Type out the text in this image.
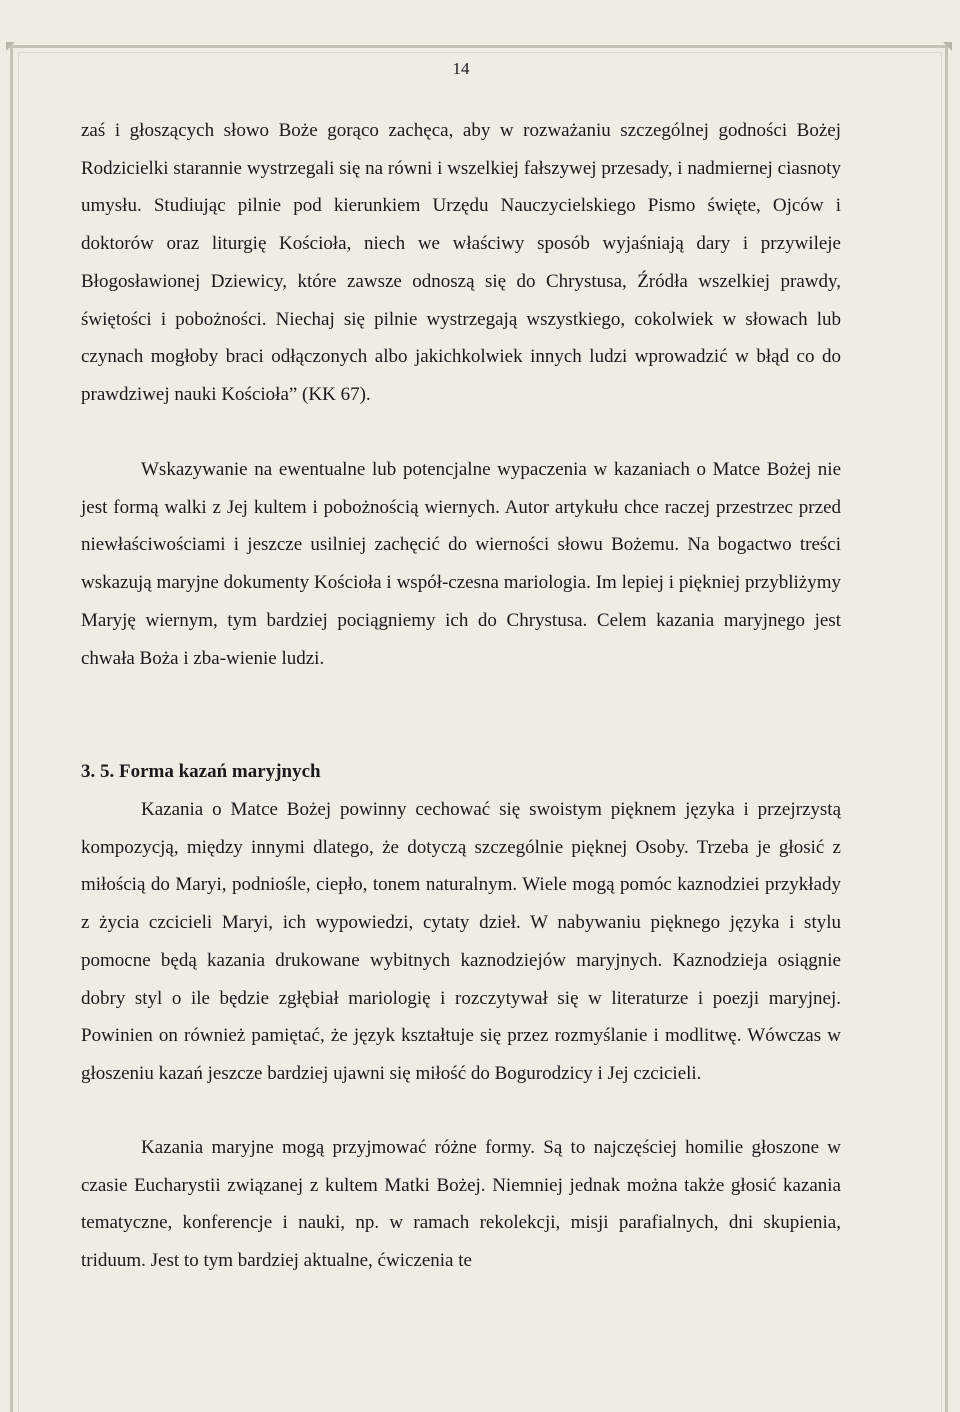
14

zaś i głoszących słowo Boże gorąco zachęca, aby w rozważaniu szczególnej godności Bożej Rodzicielki starannie wystrzegali się na równi i wszelkiej fałszywej przesady, i nadmiernej ciasnoty umysłu. Studiując pilnie pod kierunkiem Urzędu Nauczycielskiego Pismo święte, Ojców i doktorów oraz liturgię Kościoła, niech we właściwy sposób wyjaśniają dary i przywileje Błogosławionej Dziewicy, które zawsze odnoszą się do Chrystusa, Źródła wszelkiej prawdy, świętości i pobożności. Niechaj się pilnie wystrzegają wszystkiego, cokolwiek w słowach lub czynach mogłoby braci odłączonych albo jakichkolwiek innych ludzi wprowadzić w błąd co do prawdziwej nauki Kościoła” (KK 67).

Wskazywanie na ewentualne lub potencjalne wypaczenia w kazaniach o Matce Bożej nie jest formą walki z Jej kultem i pobożnością wiernych. Autor artykułu chce raczej przestrzec przed niewłaściwościami i jeszcze usilniej zachęcić do wierności słowu Bożemu. Na bogactwo treści wskazują maryjne dokumenty Kościoła i współ-czesna mariologia. Im lepiej i piękniej przybliżymy Maryję wiernym, tym bardziej pociągniemy ich do Chrystusa. Celem kazania maryjnego jest chwała Boża i zba-wienie ludzi.

3. 5. Forma kazań maryjnych

Kazania o Matce Bożej powinny cechować się swoistym pięknem języka i przejrzystą kompozycją, między innymi dlatego, że dotyczą szczególnie pięknej Osoby. Trzeba je głosić z miłością do Maryi, podniośle, ciepło, tonem naturalnym. Wiele mogą pomóc kaznodziei przykłady z życia czcicieli Maryi, ich wypowiedzi, cytaty dzieł. W nabywaniu pięknego języka i stylu pomocne będą kazania drukowane wybitnych kaznodziejów maryjnych. Kaznodzieja osiągnie dobry styl o ile będzie zgłębiał mariologię i rozczytywał się w literaturze i poezji maryjnej. Powinien on również pamiętać, że język kształtuje się przez rozmyślanie i modlitwę. Wówczas w głoszeniu kazań jeszcze bardziej ujawni się miłość do Bogurodzicy i Jej czcicieli.

Kazania maryjne mogą przyjmować różne formy. Są to najczęściej homilie głoszone w czasie Eucharystii związanej z kultem Matki Bożej. Niemniej jednak można także głosić kazania tematyczne, konferencje i nauki, np. w ramach rekolekcji, misji parafialnych, dni skupienia, triduum. Jest to tym bardziej aktualne, ćwiczenia te
